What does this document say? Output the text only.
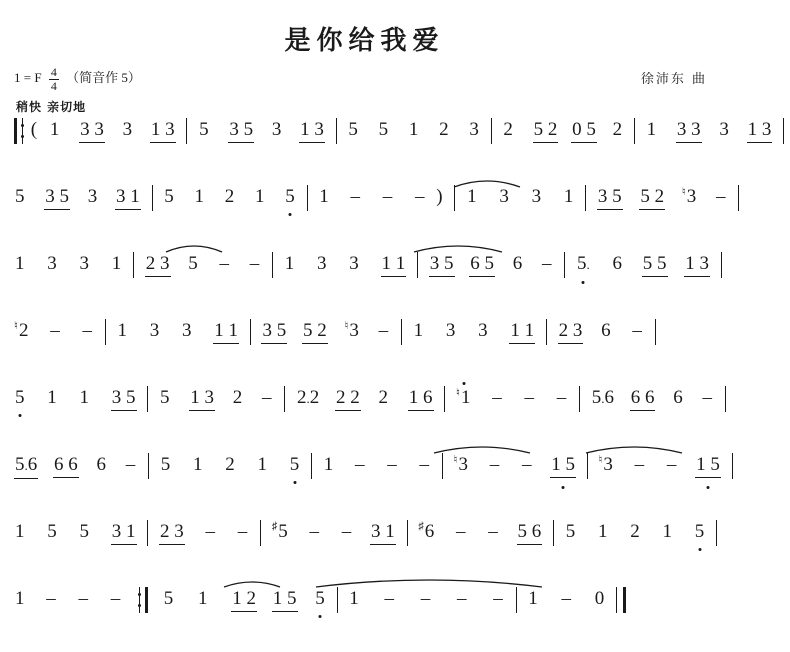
是你给我爱
1 = F $\frac{4}{4}$ （简音作 5）	徐沛东 曲
稍快 亲切地
( 1 3 3 3 1 3 5 3 5 3 1 3 5 5 1 2 3 2 5 2 0 5 2 1 3 3 3 1 3
5 3 5 3 3 1 5 1 2 1 5 1 – – – ) 1 3 3 1 3 5 5 2 ♮3 –
1 3 3 1 2 3 5 – – 1 3 3 1 1 3 5 6 5 6 – 5. 6 5 5 1 3
♮2 – – 1 3 3 1 1 3 5 5 2 ♮3 – 1 3 3 1 1 2 3 6 –
5 1 1 3 5 5 1 3 2 – 2.2 2 2 2 1 6 ♮1 – – – 5.6 6 6 6 –
5.6 6 6 6 – 5 1 2 1 5 1 – – – ♮3 – – 1 5 ♮3 – – 1 5
1 5 5 3 1 2 3 – – ♯5 – – 3 1 ♯6 – – 5 6 5 1 2 1 5
1 – – – 5 1 1 2 1 5 5 1 – – – – 1 – 0
